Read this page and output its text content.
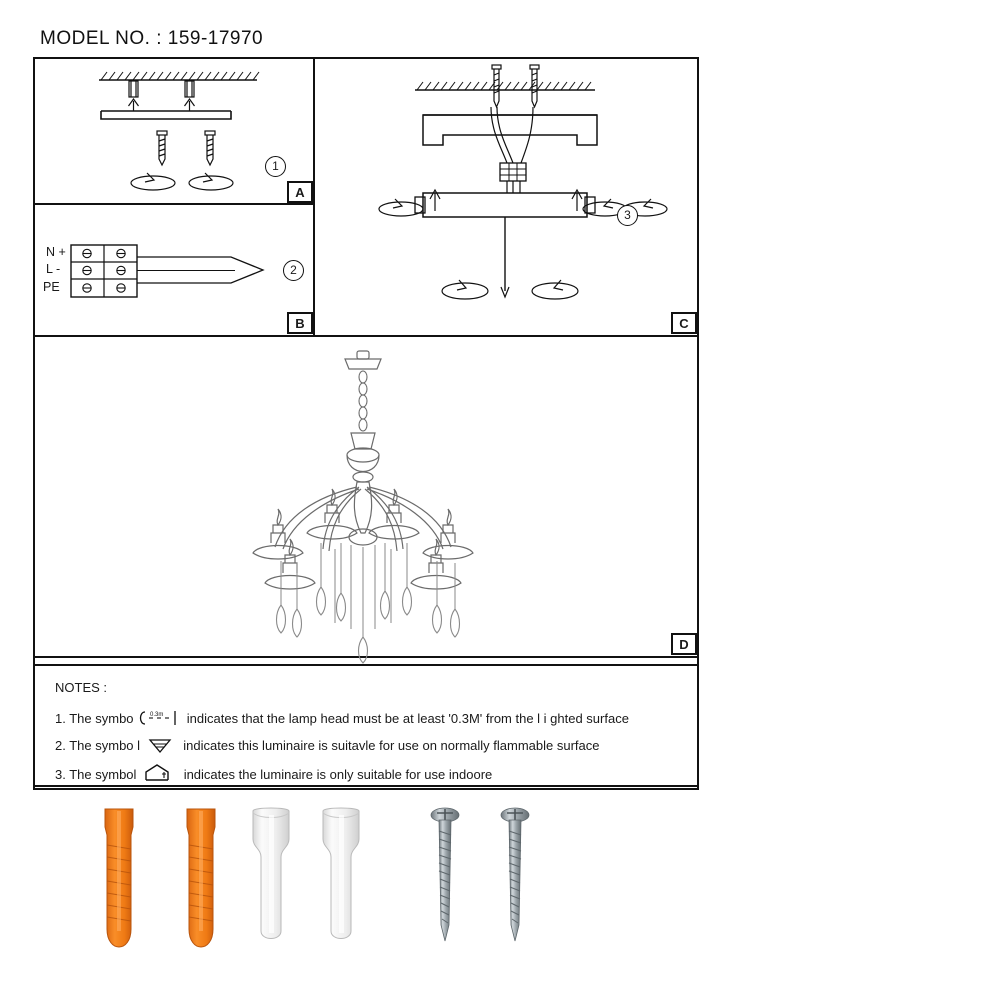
MODEL NO. : 159-17970
1
N +
L -
PE
2
3
A
B	C
D
NOTES :
1. The symbo	0.3m indicates that the lamp head must be at least '0.3M' from the l i ghted surface
2. The symbo l	indicates this luminaire is suitavle for use on normally flammable surface
3. The symbol	indicates the luminaire is only suitable for use indoore
